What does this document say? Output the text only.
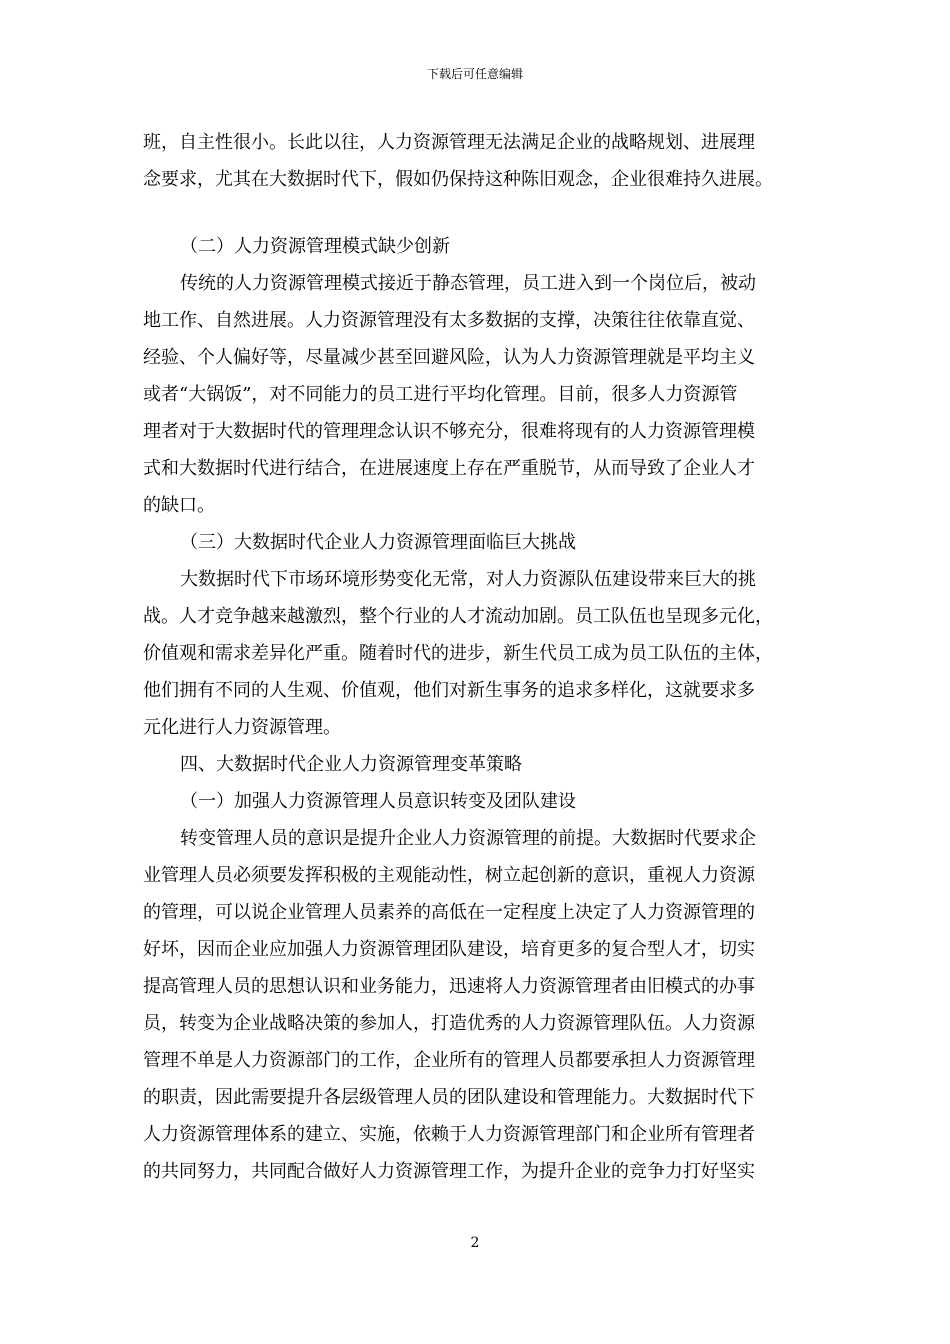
下载后可任意编辑

班，自主性很小。长此以往，人力资源管理无法满足企业的战略规划、进展理
念要求，尤其在大数据时代下，假如仍保持这种陈旧观念，企业很难持久进展。

（二）人力资源管理模式缺少创新

传统的人力资源管理模式接近于静态管理，员工进入到一个岗位后，被动
地工作、自然进展。人力资源管理没有太多数据的支撑，决策往往依靠直觉、
经验、个人偏好等，尽量减少甚至回避风险，认为人力资源管理就是平均主义
或者“大锅饭”，对不同能力的员工进行平均化管理。目前，很多人力资源管
理者对于大数据时代的管理理念认识不够充分，很难将现有的人力资源管理模
式和大数据时代进行结合，在进展速度上存在严重脱节，从而导致了企业人才
的缺口。

（三）大数据时代企业人力资源管理面临巨大挑战

大数据时代下市场环境形势变化无常，对人力资源队伍建设带来巨大的挑
战。人才竞争越来越激烈，整个行业的人才流动加剧。员工队伍也呈现多元化，
价值观和需求差异化严重。随着时代的进步，新生代员工成为员工队伍的主体，
他们拥有不同的人生观、价值观，他们对新生事务的追求多样化，这就要求多
元化进行人力资源管理。

四、大数据时代企业人力资源管理变革策略

（一）加强人力资源管理人员意识转变及团队建设

转变管理人员的意识是提升企业人力资源管理的前提。大数据时代要求企
业管理人员必须要发挥积极的主观能动性，树立起创新的意识，重视人力资源
的管理，可以说企业管理人员素养的高低在一定程度上决定了人力资源管理的
好坏，因而企业应加强人力资源管理团队建设，培育更多的复合型人才，切实
提高管理人员的思想认识和业务能力，迅速将人力资源管理者由旧模式的办事
员，转变为企业战略决策的参加人，打造优秀的人力资源管理队伍。人力资源
管理不单是人力资源部门的工作，企业所有的管理人员都要承担人力资源管理
的职责，因此需要提升各层级管理人员的团队建设和管理能力。大数据时代下
人力资源管理体系的建立、实施，依赖于人力资源管理部门和企业所有管理者
的共同努力，共同配合做好人力资源管理工作，为提升企业的竞争力打好坚实

2
